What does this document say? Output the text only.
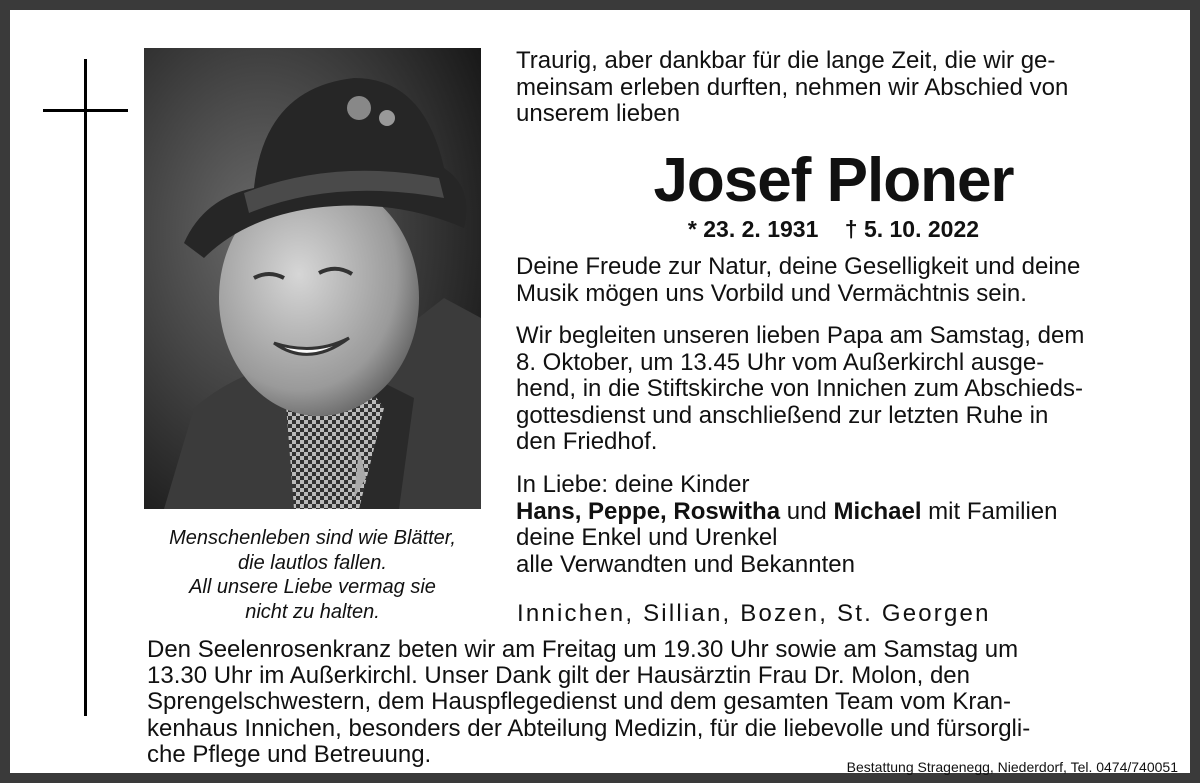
Menschenleben sind wie Blätter,
die lautlos fallen.
All unsere Liebe vermag sie
nicht zu halten.
Traurig, aber dankbar für die lange Zeit, die wir ge-
meinsam erleben durften, nehmen wir Abschied von
unserem lieben
Josef Ploner
* 23. 2. 1931 † 5. 10. 2022
Deine Freude zur Natur, deine Geselligkeit und deine
Musik mögen uns Vorbild und Vermächtnis sein.
Wir begleiten unseren lieben Papa am Samstag, dem
8. Oktober, um 13.45 Uhr vom Außerkirchl ausge-
hend, in die Stiftskirche von Innichen zum Abschieds-
gottesdienst und anschließend zur letzten Ruhe in
den Friedhof.
In Liebe: deine Kinder
Hans, Peppe, Roswitha und Michael mit Familien
deine Enkel und Urenkel
alle Verwandten und Bekannten
Innichen, Sillian, Bozen, St. Georgen
Den Seelenrosenkranz beten wir am Freitag um 19.30 Uhr sowie am Samstag um
13.30 Uhr im Außerkirchl. Unser Dank gilt der Hausärztin Frau Dr. Molon, den
Sprengelschwestern, dem Hauspflegedienst und dem gesamten Team vom Kran-
kenhaus Innichen, besonders der Abteilung Medizin, für die liebevolle und fürsorgli-
che Pflege und Betreuung.	Bestattung Stragenegg, Niederdorf, Tel. 0474/740051
